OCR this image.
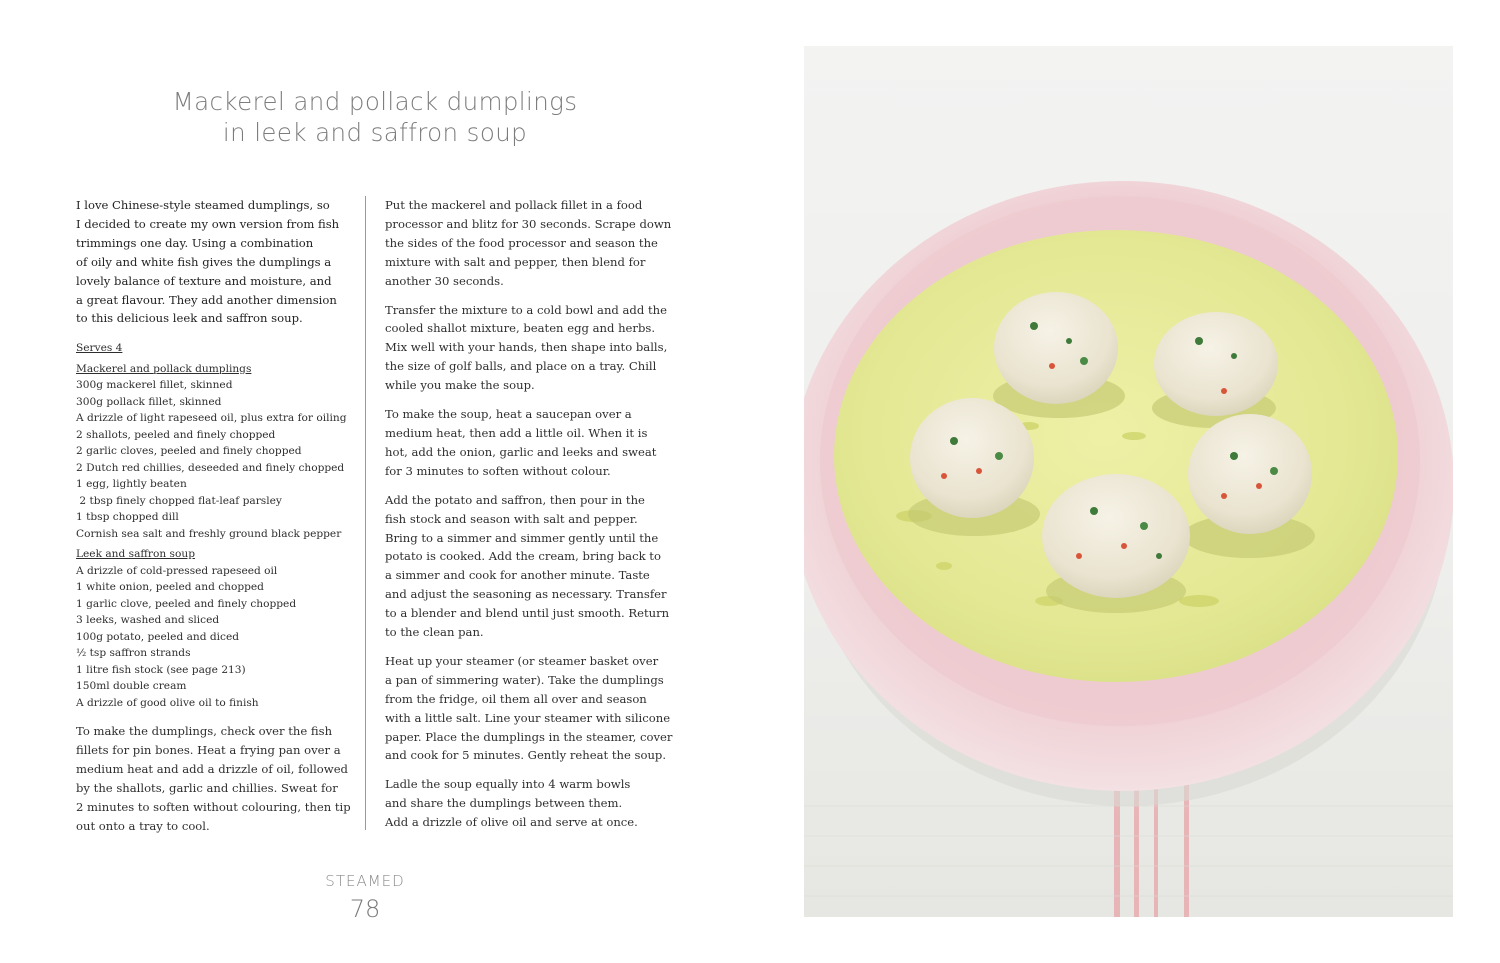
Mackerel and pollack dumplings
in leek and saffron soup

I love Chinese-style steamed dumplings, so
I decided to create my own version from fish
trimmings one day. Using a combination
of oily and white fish gives the dumplings a
lovely balance of texture and moisture, and
a great flavour. They add another dimension
to this delicious leek and saffron soup.

Serves 4

Mackerel and pollack dumplings

300g mackerel fillet, skinned
300g pollack fillet, skinned
A drizzle of light rapeseed oil, plus extra for oiling
2 shallots, peeled and finely chopped
2 garlic cloves, peeled and finely chopped
2 Dutch red chillies, deseeded and finely chopped
1 egg, lightly beaten
2 tbsp finely chopped flat-leaf parsley
1 tbsp chopped dill
Cornish sea salt and freshly ground black pepper

Leek and saffron soup

A drizzle of cold-pressed rapeseed oil
1 white onion, peeled and chopped
1 garlic clove, peeled and finely chopped
3 leeks, washed and sliced
100g potato, peeled and diced
½ tsp saffron strands
1 litre fish stock (see page 213)
150ml double cream
A drizzle of good olive oil to finish

To make the dumplings, check over the fish
fillets for pin bones. Heat a frying pan over a
medium heat and add a drizzle of oil, followed
by the shallots, garlic and chillies. Sweat for
2 minutes to soften without colouring, then tip
out onto a tray to cool.

Put the mackerel and pollack fillet in a food
processor and blitz for 30 seconds. Scrape down
the sides of the food processor and season the
mixture with salt and pepper, then blend for
another 30 seconds.

Transfer the mixture to a cold bowl and add the
cooled shallot mixture, beaten egg and herbs.
Mix well with your hands, then shape into balls,
the size of golf balls, and place on a tray. Chill
while you make the soup.

To make the soup, heat a saucepan over a
medium heat, then add a little oil. When it is
hot, add the onion, garlic and leeks and sweat
for 3 minutes to soften without colour.

Add the potato and saffron, then pour in the
fish stock and season with salt and pepper.
Bring to a simmer and simmer gently until the
potato is cooked. Add the cream, bring back to
a simmer and cook for another minute. Taste
and adjust the seasoning as necessary. Transfer
to a blender and blend until just smooth. Return
to the clean pan.

Heat up your steamer (or steamer basket over
a pan of simmering water). Take the dumplings
from the fridge, oil them all over and season
with a little salt. Line your steamer with silicone
paper. Place the dumplings in the steamer, cover
and cook for 5 minutes. Gently reheat the soup.

Ladle the soup equally into 4 warm bowls
and share the dumplings between them.
Add a drizzle of olive oil and serve at once.

STEAMED
78
